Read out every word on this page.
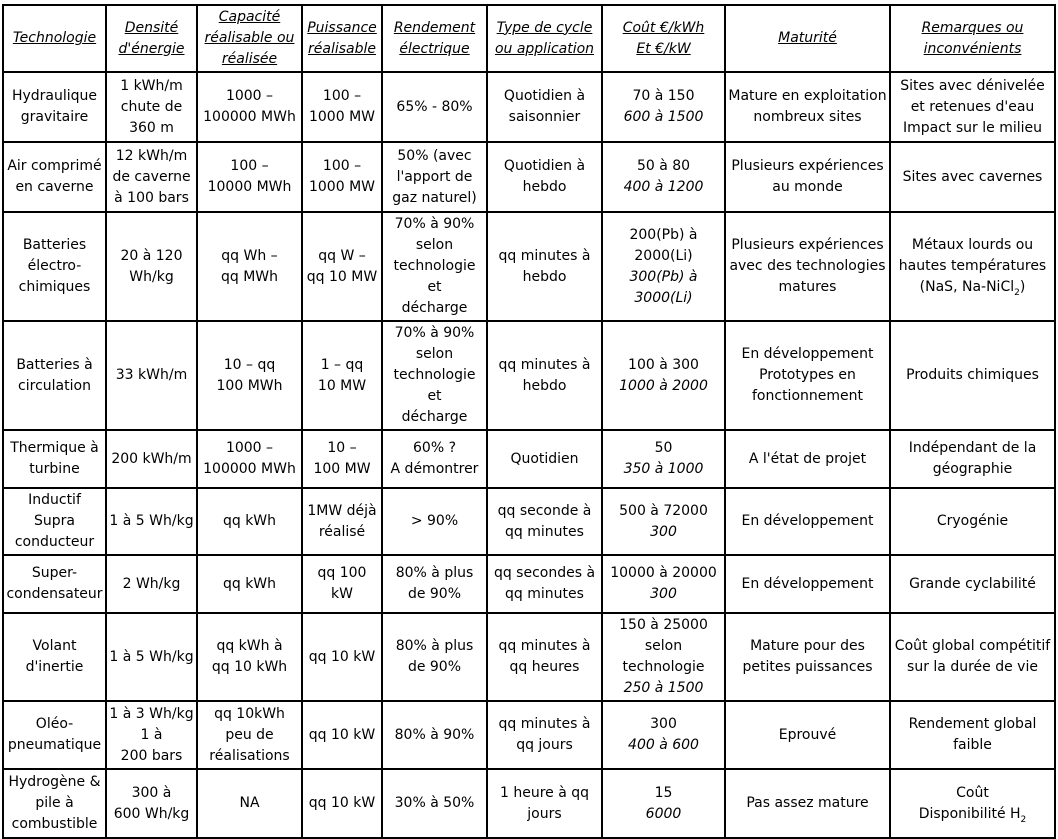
Technologie	Densité
d'énergie	Capacité
réalisable ou
réalisée	Puissance
réalisable	Rendement
électrique	Type de cycle
ou application	Coût €/kWh
Et €/kW	Maturité	Remarques ou
inconvénients

Hydraulique
gravitaire	1 kWh/m
chute de
360 m	1000 –
100000 MWh	100 –
1000 MW	65% - 80%	Quotidien à
saisonnier	70 à 150
600 à 1500	Mature en exploitation
nombreux sites	Sites avec dénivelée
et retenues d'eau
Impact sur le milieu

Air comprimé
en caverne	12 kWh/m
de caverne
à 100 bars	100 –
10000 MWh	100 –
1000 MW	50% (avec
l'apport de
gaz naturel)	Quotidien à
hebdo	50 à 80
400 à 1200	Plusieurs expériences
au monde	Sites avec cavernes

Batteries
électro-
chimiques	20 à 120
Wh/kg	qq Wh –
qq MWh	qq W –
qq 10 MW	70% à 90%
selon
technologie et
décharge	qq minutes à
hebdo	200(Pb) à
2000(Li)
300(Pb) à
3000(Li)	Plusieurs expériences
avec des technologies
matures	Métaux lourds ou
hautes températures
(NaS, Na-NiCl$_2$)

Batteries à
circulation	33 kWh/m	10 – qq
100 MWh	1 – qq
10 MW	70% à 90%
selon
technologie et
décharge	qq minutes à
hebdo	100 à 300
1000 à 2000	En développement
Prototypes en
fonctionnement	Produits chimiques

Thermique à
turbine	200 kWh/m	1000 –
100000 MWh	10 –
100 MW	60% ?
A démontrer	Quotidien	50
350 à 1000	A l'état de projet	Indépendant de la
géographie

Inductif Supra
conducteur	1 à 5 Wh/kg	qq kWh	1MW déjà
réalisé	> 90%	qq seconde à
qq minutes	500 à 72000
300	En développement	Cryogénie

Super-
condensateur	2 Wh/kg	qq kWh	qq 100 kW	80% à plus
de 90%	qq secondes à
qq minutes	10000 à 20000
300	En développement	Grande cyclabilité

Volant
d'inertie	1 à 5 Wh/kg	qq kWh à
qq 10 kWh	qq 10 kW	80% à plus
de 90%	qq minutes à
qq heures	150 à 25000
selon technologie
250 à 1500	Mature pour des
petites puissances	Coût global compétitif
sur la durée de vie

Oléo-
pneumatique	1 à 3 Wh/kg
1 à
200 bars	qq 10kWh
peu de
réalisations	qq 10 kW	80% à 90%	qq minutes à
qq jours	300
400 à 600	Eprouvé	Rendement global
faible

Hydrogène &
pile à
combustible	300 à
600 Wh/kg	NA	qq 10 kW	30% à 50%	1 heure à qq
jours	15
6000	Pas assez mature	Coût
Disponibilité $H_2$
